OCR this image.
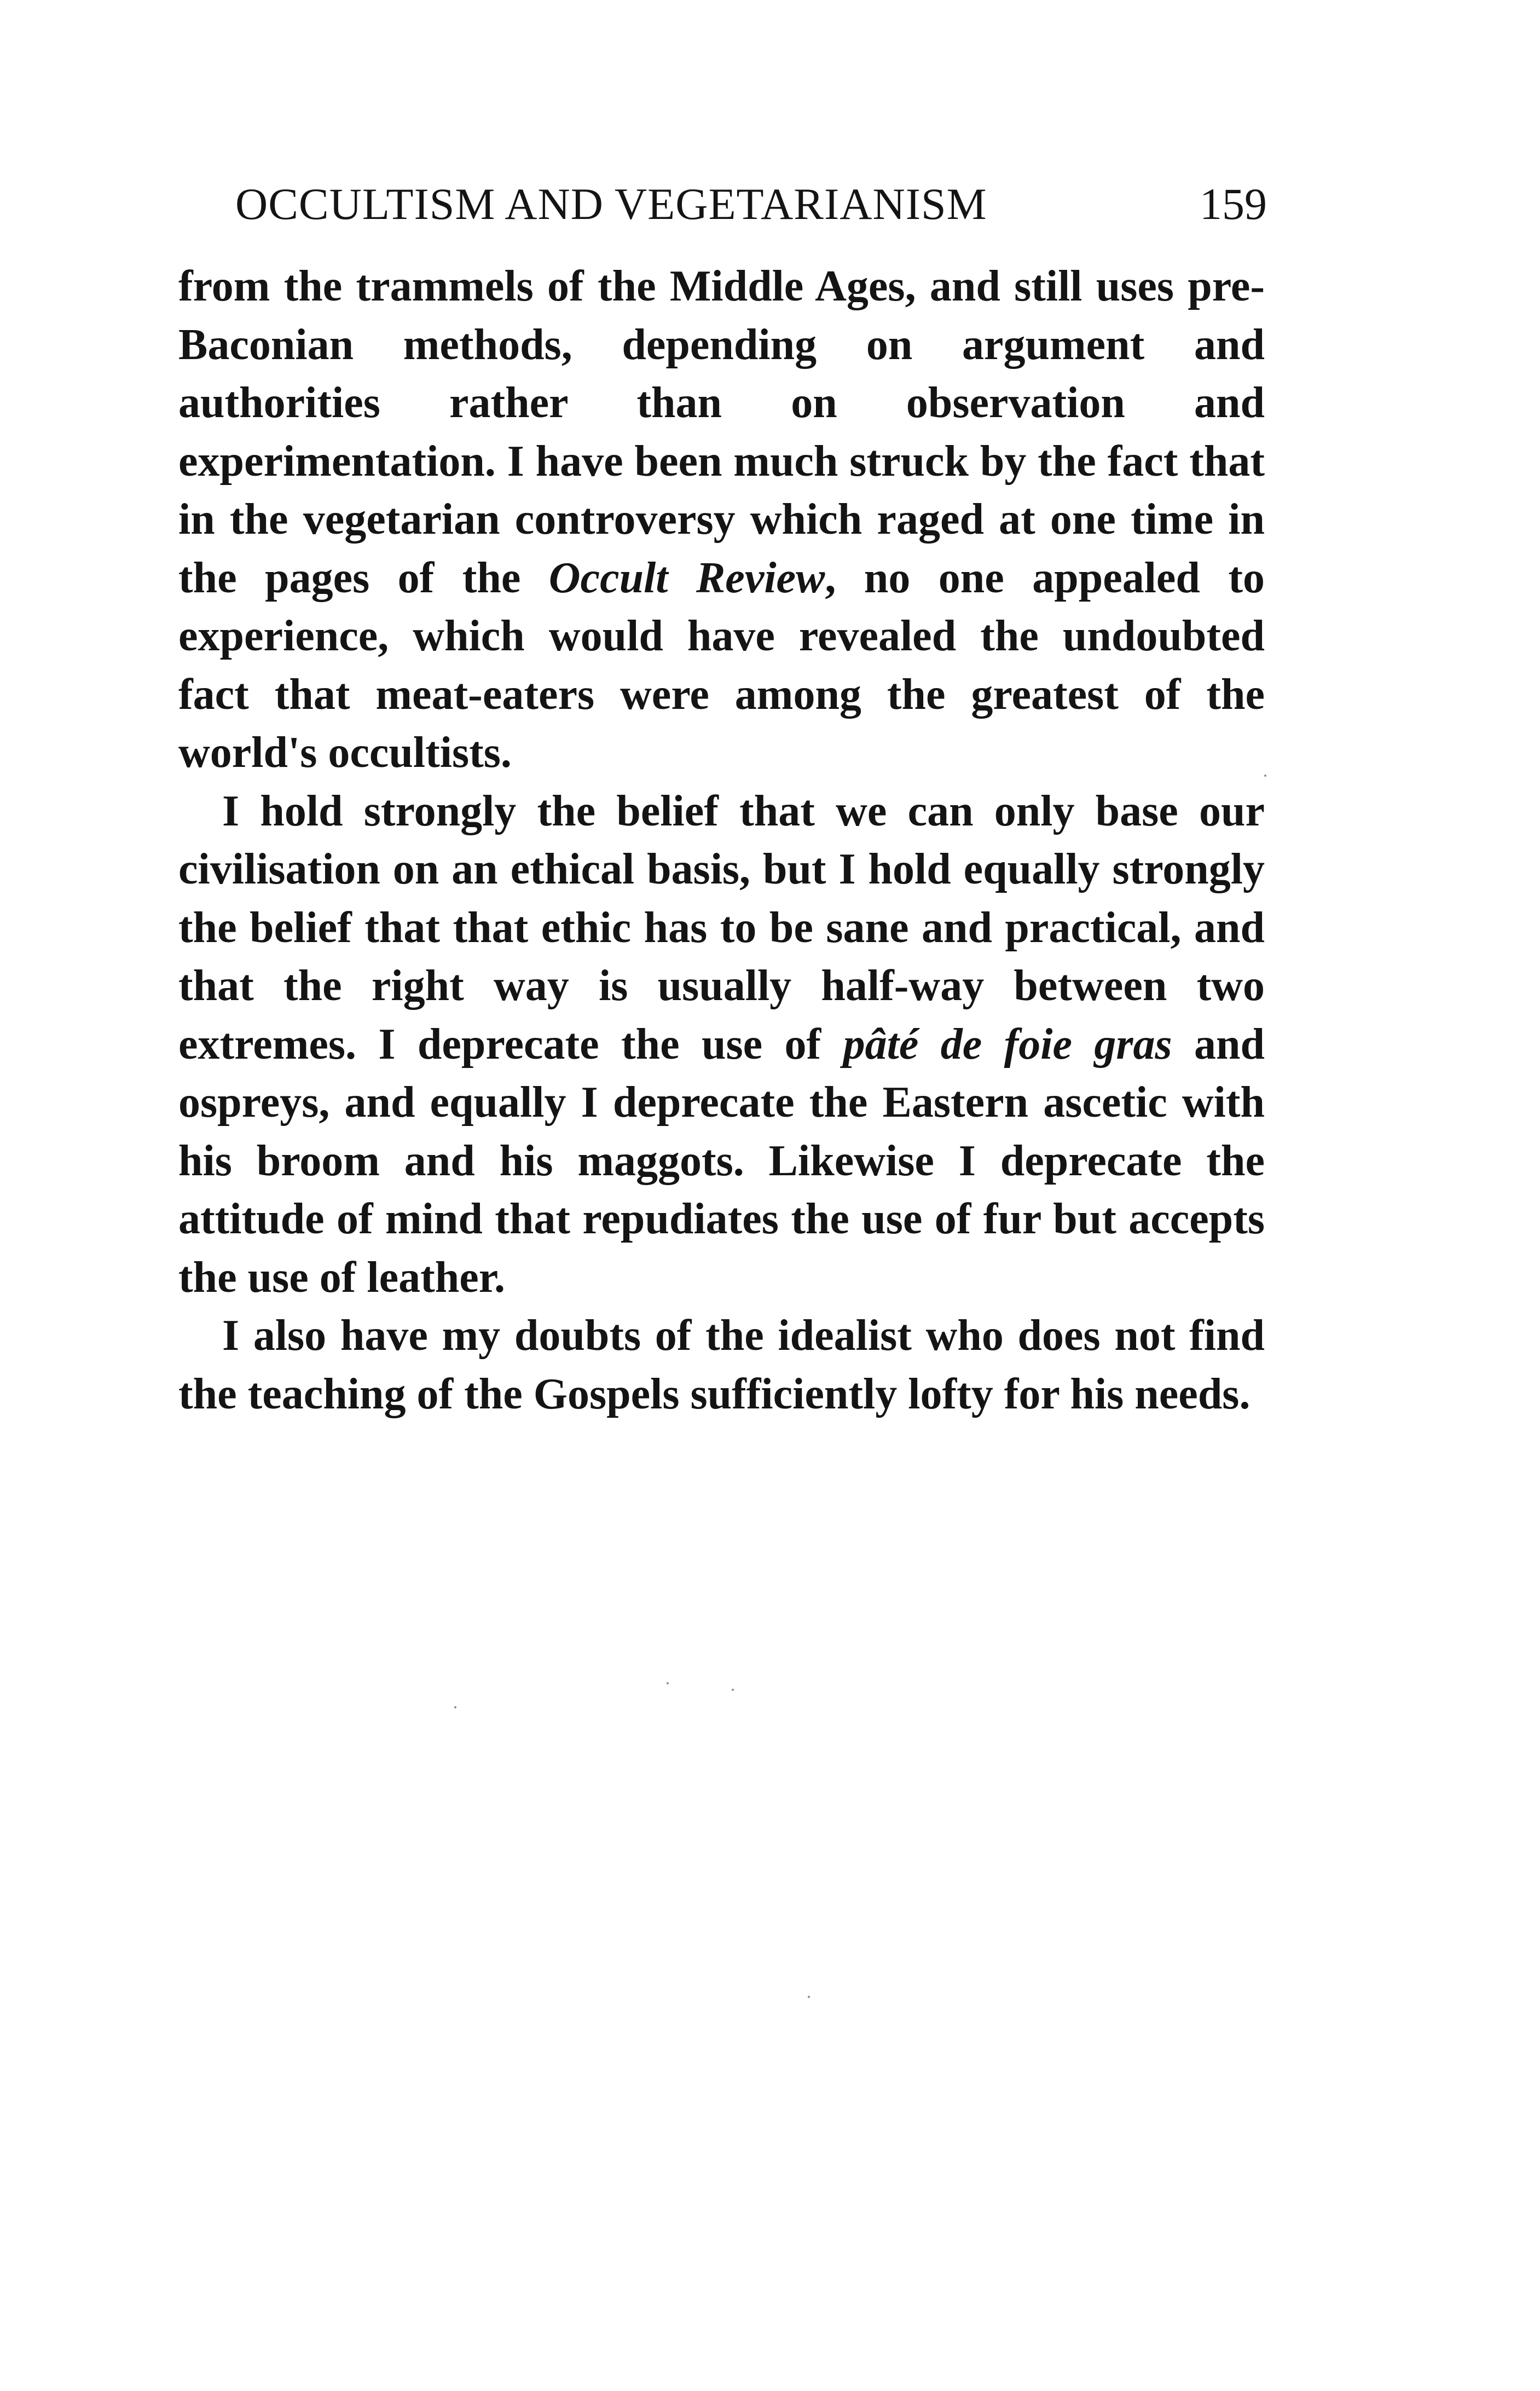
OCCULTISM AND VEGETARIANISM	159

from the trammels of the Middle Ages, and still uses pre-Baconian methods, depending on argument and authorities rather than on observation and experimentation. I have been much struck by the fact that in the vegetarian controversy which raged at one time in the pages of the Occult Review, no one appealed to experience, which would have revealed the undoubted fact that meat-eaters were among the greatest of the world's occultists.

I hold strongly the belief that we can only base our civilisation on an ethical basis, but I hold equally strongly the belief that that ethic has to be sane and practical, and that the right way is usually half-way between two extremes. I deprecate the use of pâté de foie gras and ospreys, and equally I deprecate the Eastern ascetic with his broom and his maggots. Likewise I deprecate the attitude of mind that repudiates the use of fur but accepts the use of leather.

I also have my doubts of the idealist who does not find the teaching of the Gospels sufficiently lofty for his needs.
